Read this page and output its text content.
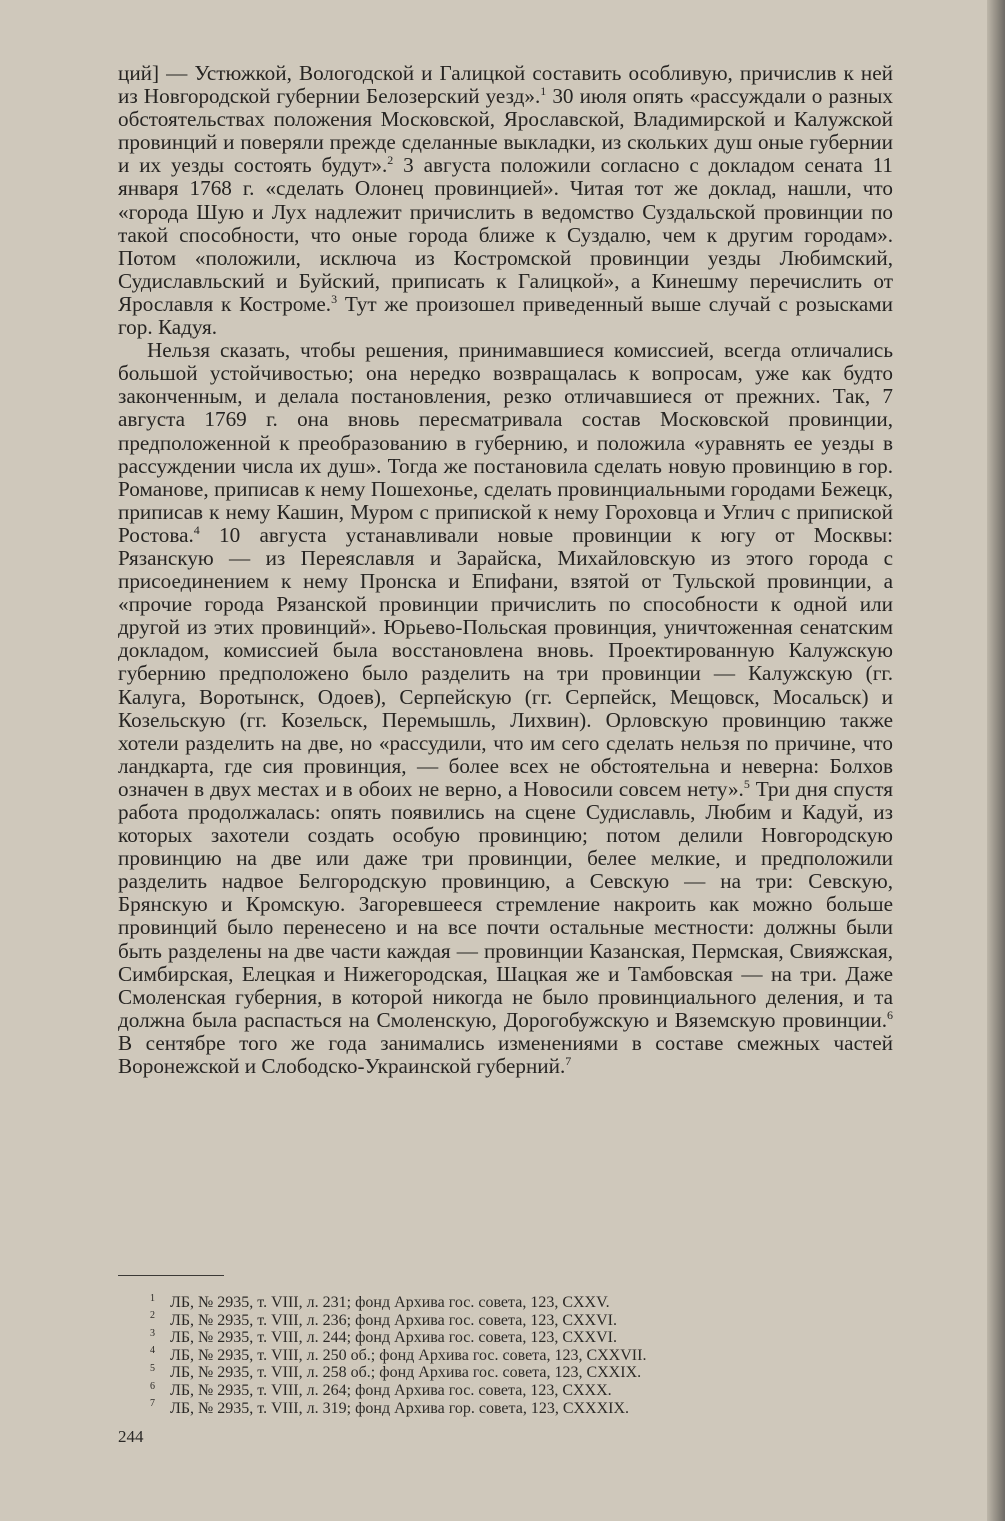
ций] — Устюжкой, Вологодской и Галицкой составить особливую, причислив к ней из Новгородской губернии Белозерский уезд».$^1$ 30 июля опять «рассуждали о разных обстоятельствах положения Московской, Ярославской, Владимирской и Калужской провинций и поверяли прежде сделанные выкладки, из скольких душ оные губернии и их уезды состоять будут».$^2$ 3 августа положили согласно с докладом сената 11 января 1768 г. «сделать Олонец провинцией». Читая тот же доклад, нашли, что «города Шую и Лух надлежит причислить в ведомство Суздальской провинции по такой способности, что оные города ближе к Суздалю, чем к другим городам». Потом «положили, исключа из Костромской провинции уезды Любимский, Судиславльский и Буйский, приписать к Галицкой», а Кинешму перечислить от Ярославля к Костроме.$^3$ Тут же произошел приведенный выше случай с розысками гор. Кадуя.

Нельзя сказать, чтобы решения, принимавшиеся комиссией, всегда отличались большой устойчивостью; она нередко возвращалась к вопросам, уже как будто законченным, и делала постановления, резко отличавшиеся от прежних. Так, 7 августа 1769 г. она вновь пересматривала состав Московской провинции, предположенной к преобразованию в губернию, и положила «уравнять ее уезды в рассуждении числа их душ». Тогда же постановила сделать новую провинцию в гор. Романове, приписав к нему Пошехонье, сделать провинциальными городами Бежецк, приписав к нему Кашин, Муром с припиской к нему Гороховца и Углич с припиской Ростова.$^4$ 10 августа устанавливали новые провинции к югу от Москвы: Рязанскую — из Переяславля и Зарайска, Михайловскую из этого города с присоединением к нему Пронска и Епифани, взятой от Тульской провинции, а «прочие города Рязанской провинции причислить по способности к одной или другой из этих провинций». Юрьево-Польская провинция, уничтоженная сенатским докладом, комиссией была восстановлена вновь. Проектированную Калужскую губернию предположено было разделить на три провинции — Калужскую (гг. Калуга, Воротынск, Одоев), Серпейскую (гг. Серпейск, Мещовск, Мосальск) и Козельскую (гг. Козельск, Перемышль, Лихвин). Орловскую провинцию также хотели разделить на две, но «рассудили, что им сего сделать нельзя по причине, что ландкарта, где сия провинция, — более всех не обстоятельна и неверна: Болхов означен в двух местах и в обоих не верно, а Новосили совсем нету».$^5$ Три дня спустя работа продолжалась: опять появились на сцене Судиславль, Любим и Кадуй, из которых захотели создать особую провинцию; потом делили Новгородскую провинцию на две или даже три провинции, белее мелкие, и предположили разделить надвое Белгородскую провинцию, а Севскую — на три: Севскую, Брянскую и Кромскую. Загоревшееся стремление накроить как можно больше провинций было перенесено и на все почти остальные местности: должны были быть разделены на две части каждая — провинции Казанская, Пермская, Свияжская, Симбирская, Елецкая и Нижегородская, Шацкая же и Тамбовская — на три. Даже Смоленская губерния, в которой никогда не было провинциального деления, и та должна была распасться на Смоленскую, Дорогобужскую и Вяземскую провинции.$^6$ В сентябре того же года занимались изменениями в составе смежных частей Воронежской и Слободско-Украинской губерний.$^7$

1 ЛБ, № 2935, т. VIII, л. 231; фонд Архива гос. совета, 123, CXXV.
2 ЛБ, № 2935, т. VIII, л. 236; фонд Архива гос. совета, 123, CXXVI.
3 ЛБ, № 2935, т. VIII, л. 244; фонд Архива гос. совета, 123, CXXVI.
4 ЛБ, № 2935, т. VIII, л. 250 об.; фонд Архива гос. совета, 123, CXXVII.
5 ЛБ, № 2935, т. VIII, л. 258 об.; фонд Архива гос. совета, 123, CXXIX.
6 ЛБ, № 2935, т. VIII, л. 264; фонд Архива гос. совета, 123, CXXX.
7 ЛБ, № 2935, т. VIII, л. 319; фонд Архива гор. совета, 123, CXXXIX.
244
